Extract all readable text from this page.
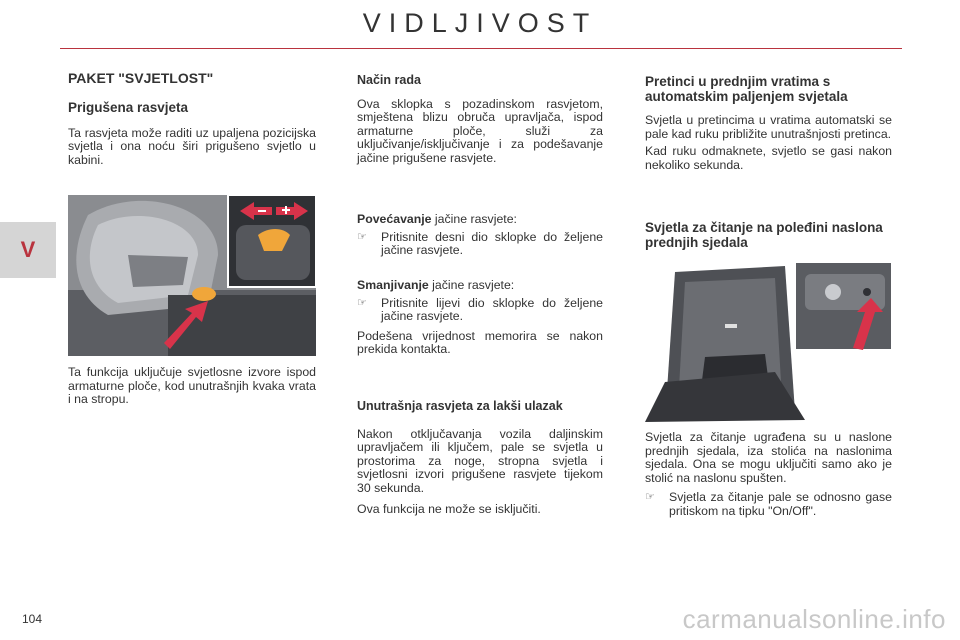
VIDLJIVOST
V
PAKET "SVJETLOST"
Prigušena rasvjeta

Ta rasvjeta može raditi uz upaljena pozicijska svjetla i ona noću širi prigušeno svjetlo u kabini.

Ta funkcija uključuje svjetlosne izvore ispod armaturne ploče, kod unutrašnjih kvaka vrata i na stropu.

Način rada

Ova sklopka s pozadinskom rasvjetom, smještena blizu obruča upravljača, ispod armaturne ploče, služi za uključivanje/isključivanje i za podešavanje jačine prigušene rasvjete.

Povećavanje jačine rasvjete:

☞	Pritisnite desni dio sklopke do željene jačine rasvjete.

Smanjivanje jačine rasvjete:

☞	Pritisnite lijevi dio sklopke do željene jačine rasvjete.

Podešena vrijednost memorira se nakon prekida kontakta.

Unutrašnja rasvjeta za lakši ulazak

Nakon otključavanja vozila daljinskim upravljačem ili ključem, pale se svjetla u prostorima za noge, stropna svjetla i svjetlosni izvori prigušene rasvjete tijekom 30 sekunda.

Ova funkcija ne može se isključiti.

Pretinci u prednjim vratima s automatskim paljenjem svjetala

Svjetla u pretincima u vratima automatski se pale kad ruku približite unutrašnjosti pretinca.

Kad ruku odmaknete, svjetlo se gasi nakon nekoliko sekunda.

Svjetla za čitanje na poleđini naslona prednjih sjedala

Svjetla za čitanje ugrađena su u naslone prednjih sjedala, iza stolića na naslonima sjedala. Ona se mogu uključiti samo ako je stolić na naslonu spušten.

☞	Svjetla za čitanje pale se odnosno gase pritiskom na tipku "On/Off".
104	carmanualsonline.info
